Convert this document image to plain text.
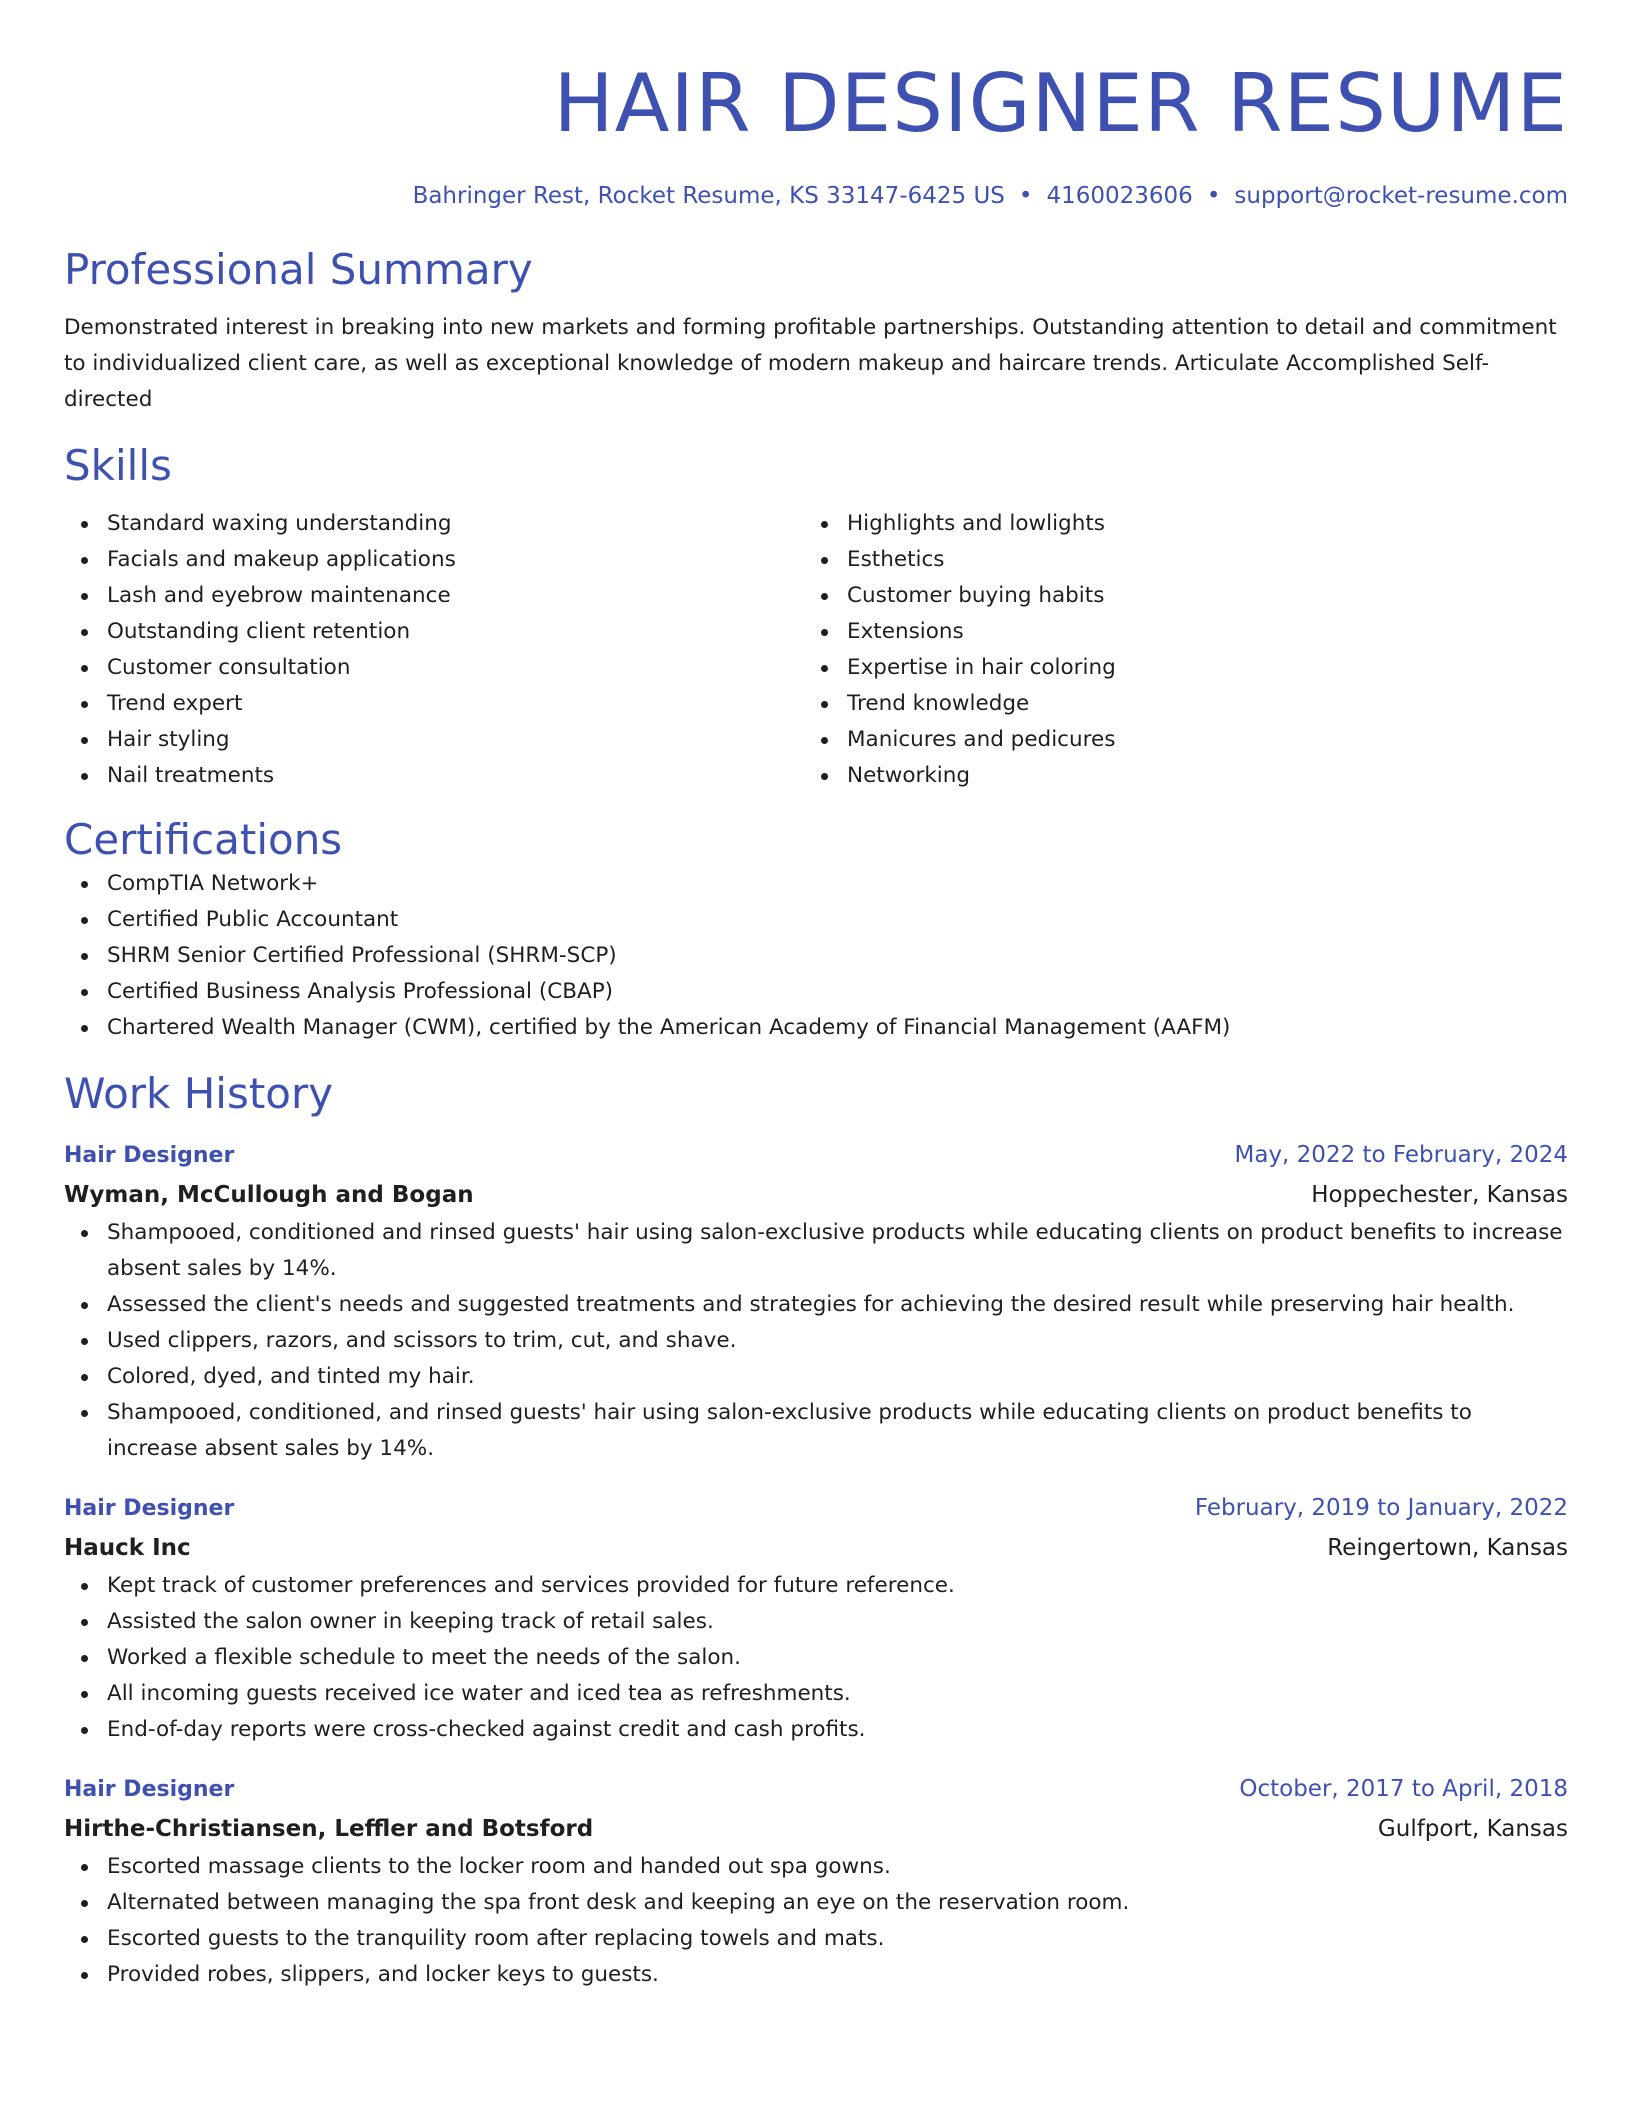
HAIR DESIGNER RESUME
Bahringer Rest, Rocket Resume, KS 33147-6425 US • 4160023606 • support@rocket-resume.com
Professional Summary

Demonstrated interest in breaking into new markets and forming profitable partnerships. Outstanding attention to detail and commitment to individualized client care, as well as exceptional knowledge of modern makeup and haircare trends. Articulate Accomplished Self-directed

Skills
Standard waxing understanding
Facials and makeup applications
Lash and eyebrow maintenance
Outstanding client retention
Customer consultation
Trend expert
Hair styling
Nail treatments
Highlights and lowlights
Esthetics
Customer buying habits
Extensions
Expertise in hair coloring
Trend knowledge
Manicures and pedicures
Networking
Certifications
CompTIA Network+
Certified Public Accountant
SHRM Senior Certified Professional (SHRM-SCP)
Certified Business Analysis Professional (CBAP)
Chartered Wealth Manager (CWM), certified by the American Academy of Financial Management (AAFM)
Work History
Hair Designer	May, 2022 to February, 2024
Wyman, McCullough and Bogan	Hoppechester, Kansas
Shampooed, conditioned and rinsed guests' hair using salon-exclusive products while educating clients on product benefits to increase absent sales by 14%.
Assessed the client's needs and suggested treatments and strategies for achieving the desired result while preserving hair health.
Used clippers, razors, and scissors to trim, cut, and shave.
Colored, dyed, and tinted my hair.
Shampooed, conditioned, and rinsed guests' hair using salon-exclusive products while educating clients on product benefits to increase absent sales by 14%.
Hair Designer	February, 2019 to January, 2022
Hauck Inc	Reingertown, Kansas
Kept track of customer preferences and services provided for future reference.
Assisted the salon owner in keeping track of retail sales.
Worked a flexible schedule to meet the needs of the salon.
All incoming guests received ice water and iced tea as refreshments.
End-of-day reports were cross-checked against credit and cash profits.
Hair Designer	October, 2017 to April, 2018
Hirthe-Christiansen, Leffler and Botsford	Gulfport, Kansas
Escorted massage clients to the locker room and handed out spa gowns.
Alternated between managing the spa front desk and keeping an eye on the reservation room.
Escorted guests to the tranquility room after replacing towels and mats.
Provided robes, slippers, and locker keys to guests.
